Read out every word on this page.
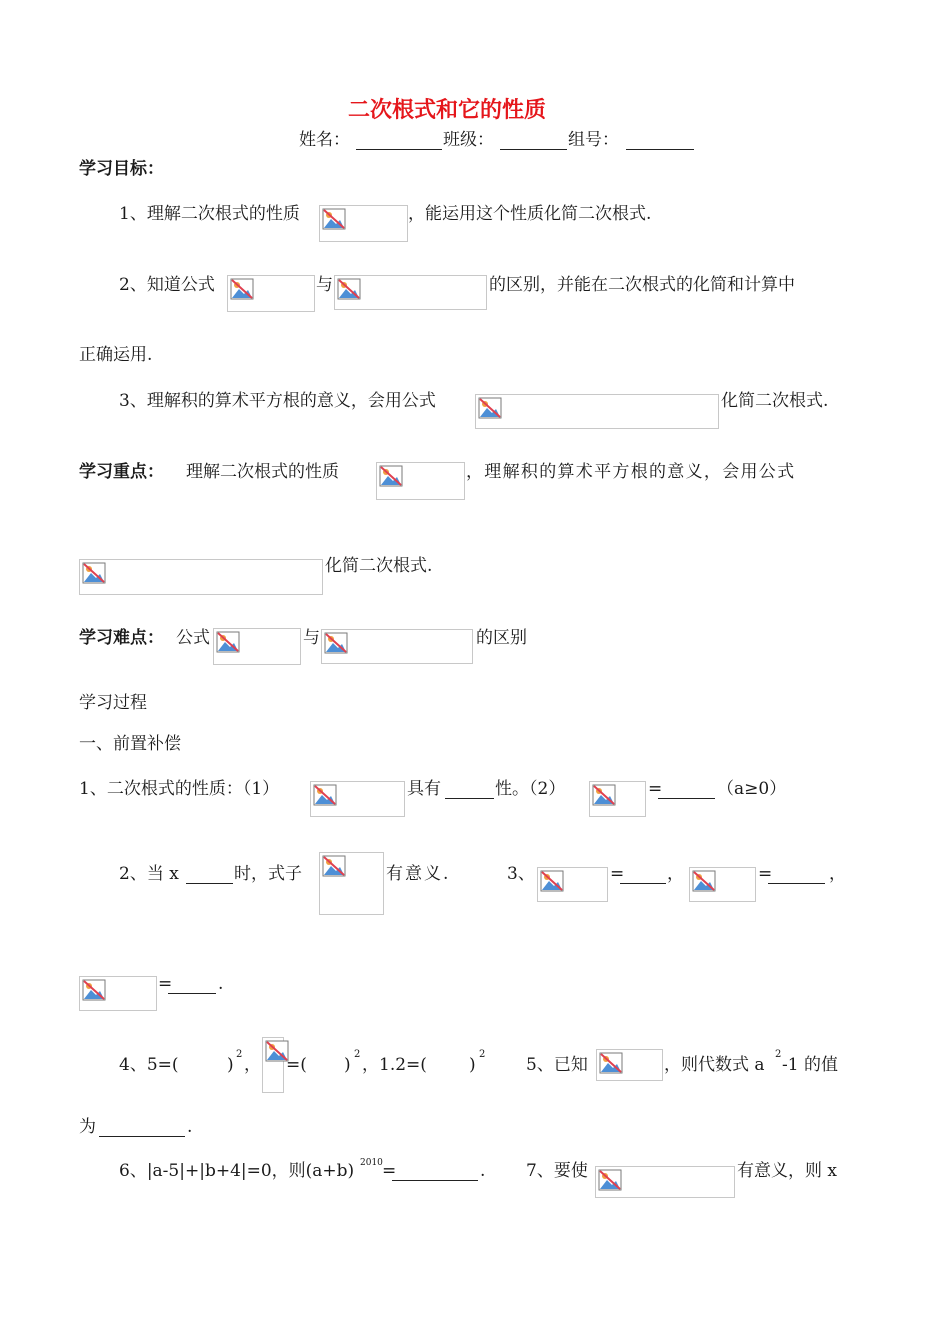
二次根式和它的性质
姓名：	班级：	组号：
学习目标：
1、理解二次根式的性质	，能运用这个性质化简二次根式.
2、知道公式	与	的区别，并能在二次根式的化简和计算中
正确运用.
3、理解积的算术平方根的意义，会用公式	化简二次根式.
学习重点： 理解二次根式的性质	，理解积的算术平方根的意义，会用公式
化简二次根式.
学习难点： 公式	与	的区别
学习过程
一、前置补偿
1、二次根式的性质：（1）	具有	性。（2）	=	（a≥0）
2、当 x	时，式子	有意义.	3、	=	，	=	，
=	.
4、5=(	)
2
， =( )
2
，1.2=( )
2
5、已知	，则代数式 a
2
-1 的值
为	.
6、|a-5|+|b+4|=0，则(a+b) 2010 =	. 7、要使	有意义，则 x
